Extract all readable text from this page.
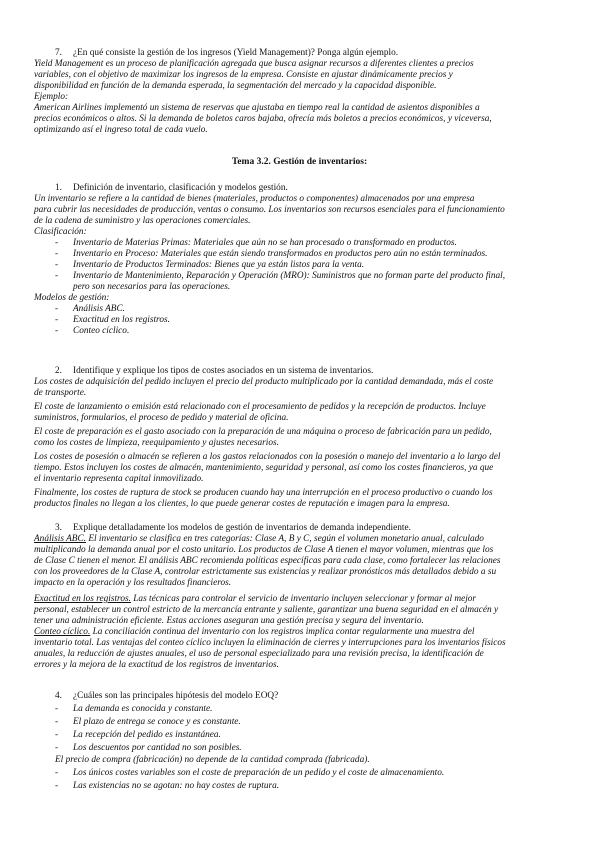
7. ¿En qué consiste la gestión de los ingresos (Yield Management)? Ponga algún ejemplo.
Yield Management es un proceso de planificación agregada que busca asignar recursos a diferentes clientes a precios
variables, con el objetivo de maximizar los ingresos de la empresa. Consiste en ajustar dinámicamente precios y
disponibilidad en función de la demanda esperada, la segmentación del mercado y la capacidad disponible.
Ejemplo:
American Airlines implementó un sistema de reservas que ajustaba en tiempo real la cantidad de asientos disponibles a
precios económicos o altos. Si la demanda de boletos caros bajaba, ofrecía más boletos a precios económicos, y viceversa,
optimizando así el ingreso total de cada vuelo.
Tema 3.2. Gestión de inventarios:
1. Definición de inventario, clasificación y modelos gestión.
Un inventario se refiere a la cantidad de bienes (materiales, productos o componentes) almacenados por una empresa
para cubrir las necesidades de producción, ventas o consumo. Los inventarios son recursos esenciales para el funcionamiento
de la cadena de suministro y las operaciones comerciales.
Clasificación:
- Inventario de Materias Primas: Materiales que aún no se han procesado o transformado en productos.
- Inventario en Proceso: Materiales que están siendo transformados en productos pero aún no están terminados.
- Inventario de Productos Terminados: Bienes que ya están listos para la venta.
- Inventario de Mantenimiento, Reparación y Operación (MRO): Suministros que no forman parte del producto final,
pero son necesarios para las operaciones.
Modelos de gestión:
- Análisis ABC.
- Exactitud en los registros.
- Conteo cíclico.
2. Identifique y explique los tipos de costes asociados en un sistema de inventarios.
Los costes de adquisición del pedido incluyen el precio del producto multiplicado por la cantidad demandada, más el coste
de transporte.
El coste de lanzamiento o emisión está relacionado con el procesamiento de pedidos y la recepción de productos. Incluye
suministros, formularios, el proceso de pedido y material de oficina.
El coste de preparación es el gasto asociado con la preparación de una máquina o proceso de fabricación para un pedido,
como los costes de limpieza, reequipamiento y ajustes necesarios.
Los costes de posesión o almacén se refieren a los gastos relacionados con la posesión o manejo del inventario a lo largo del
tiempo. Estos incluyen los costes de almacén, mantenimiento, seguridad y personal, así como los costes financieros, ya que
el inventario representa capital inmovilizado.
Finalmente, los costes de ruptura de stock se producen cuando hay una interrupción en el proceso productivo o cuando los
productos finales no llegan a los clientes, lo que puede generar costes de reputación e imagen para la empresa.
3. Explique detalladamente los modelos de gestión de inventarios de demanda independiente.
Análisis ABC. El inventario se clasifica en tres categorías: Clase A, B y C, según el volumen monetario anual, calculado
multiplicando la demanda anual por el costo unitario. Los productos de Clase A tienen el mayor volumen, mientras que los
de Clase C tienen el menor. El análisis ABC recomienda políticas específicas para cada clase, como fortalecer las relaciones
con los proveedores de la Clase A, controlar estrictamente sus existencias y realizar pronósticos más detallados debido a su
impacto en la operación y los resultados financieros.
Exactitud en los registros. Las técnicas para controlar el servicio de inventario incluyen seleccionar y formar al mejor
personal, establecer un control estricto de la mercancía entrante y saliente, garantizar una buena seguridad en el almacén y
tener una administración eficiente. Estas acciones aseguran una gestión precisa y segura del inventario.
Conteo cíclico. La conciliación continua del inventario con los registros implica contar regularmente una muestra del
inventario total. Las ventajas del conteo cíclico incluyen la eliminación de cierres y interrupciones para los inventarios físicos
anuales, la reducción de ajustes anuales, el uso de personal especializado para una revisión precisa, la identificación de
errores y la mejora de la exactitud de los registros de inventarios.
4. ¿Cuáles son las principales hipótesis del modelo EOQ?
- La demanda es conocida y constante.
- El plazo de entrega se conoce y es constante.
- La recepción del pedido es instantánea.
- Los descuentos por cantidad no son posibles.
El precio de compra (fabricación) no depende de la cantidad comprada (fabricada).
- Los únicos costes variables son el coste de preparación de un pedido y el coste de almacenamiento.
- Las existencias no se agotan: no hay costes de ruptura.
